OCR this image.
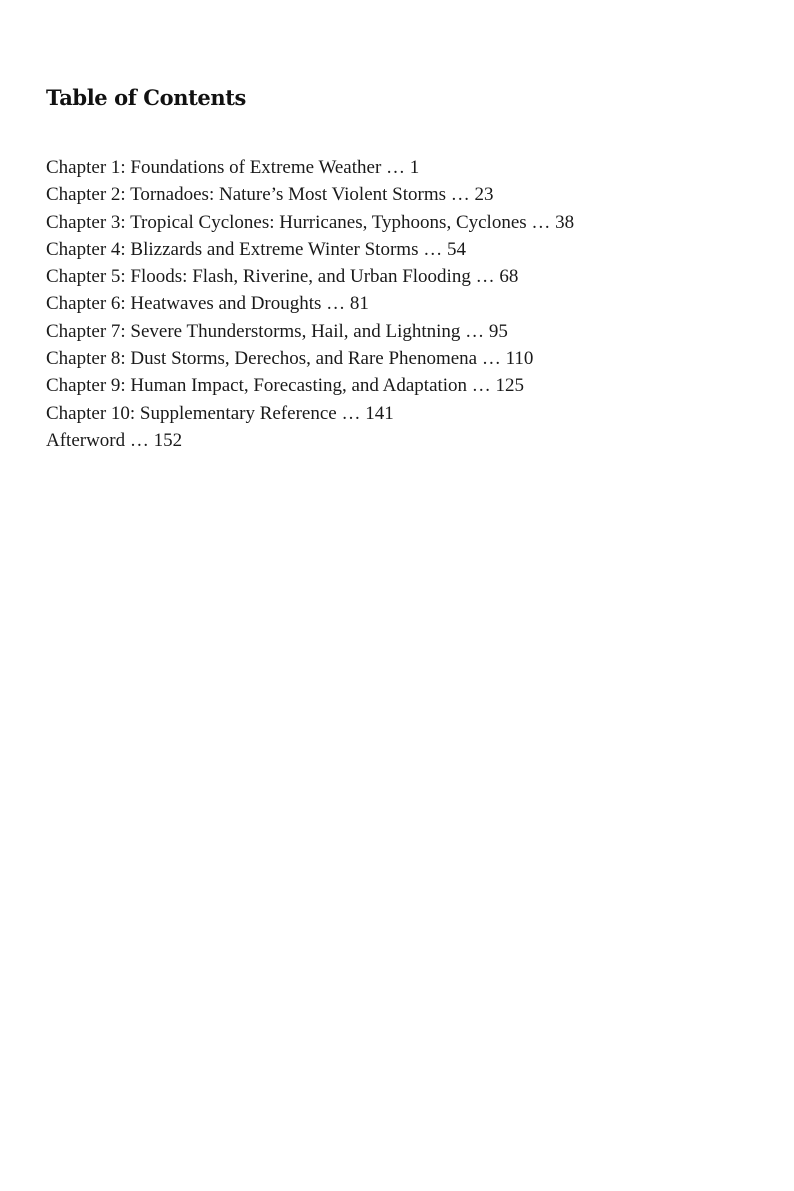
Table of Contents
Chapter 1: Foundations of Extreme Weather … 1
Chapter 2: Tornadoes: Nature’s Most Violent Storms … 23
Chapter 3: Tropical Cyclones: Hurricanes, Typhoons, Cyclones … 38
Chapter 4: Blizzards and Extreme Winter Storms … 54
Chapter 5: Floods: Flash, Riverine, and Urban Flooding … 68
Chapter 6: Heatwaves and Droughts … 81
Chapter 7: Severe Thunderstorms, Hail, and Lightning … 95
Chapter 8: Dust Storms, Derechos, and Rare Phenomena … 110
Chapter 9: Human Impact, Forecasting, and Adaptation … 125
Chapter 10: Supplementary Reference … 141
Afterword … 152
